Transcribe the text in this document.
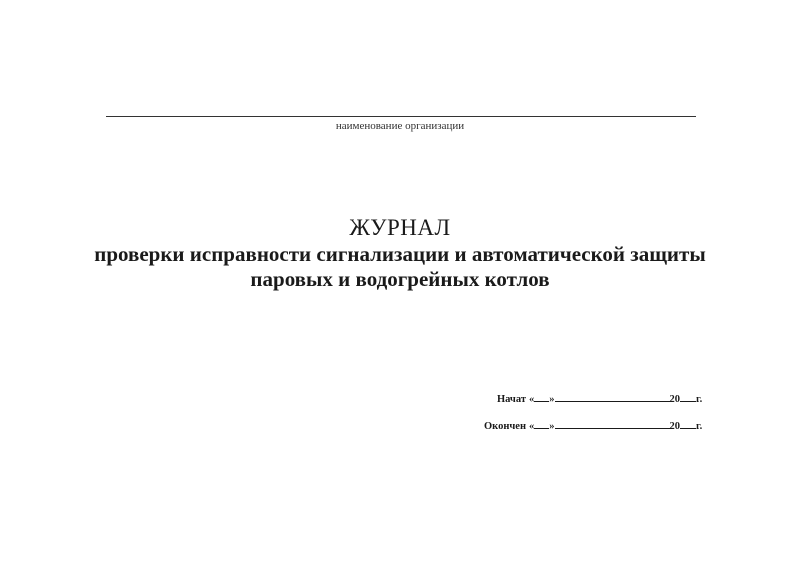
наименование организации
ЖУРНАЛ
проверки исправности сигнализации и автоматической защиты
паровых и водогрейных котлов
Начат « »	20 г.
Окончен « »	20 г.
